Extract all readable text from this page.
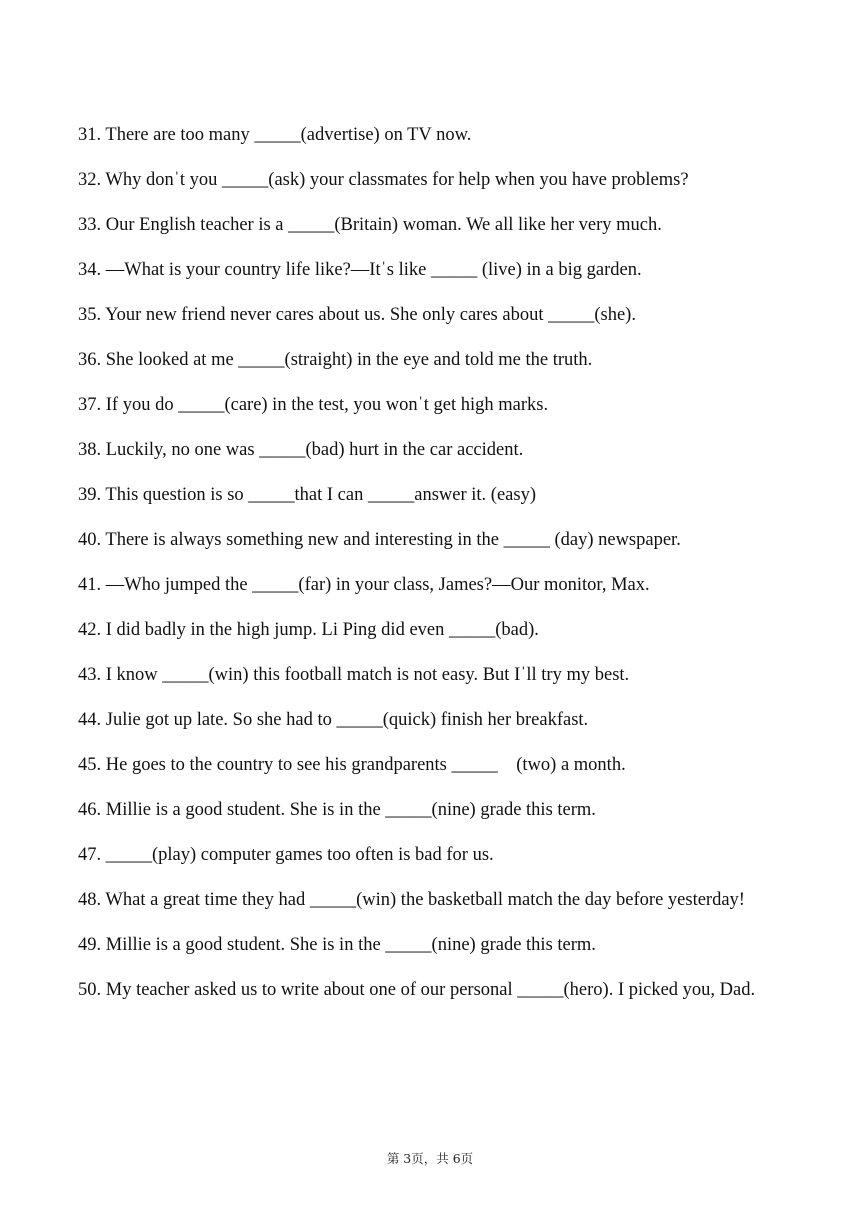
31. There are too many _____(advertise) on TV now.
32. Why donˈt you _____(ask) your classmates for help when you have problems?
33. Our English teacher is a _____(Britain) woman. We all like her very much.
34. —What is your country life like?—Itˈs like _____ (live) in a big garden.
35. Your new friend never cares about us. She only cares about _____(she).
36. She looked at me _____(straight) in the eye and told me the truth.
37. If you do _____(care) in the test, you wonˈt get high marks.
38. Luckily, no one was _____(bad) hurt in the car accident.
39. This question is so _____that I can _____answer it. (easy)
40. There is always something new and interesting in the _____ (day) newspaper.
41. —Who jumped the _____(far) in your class, James?—Our monitor, Max.
42. I did badly in the high jump. Li Ping did even _____(bad).
43. I know _____(win) this football match is not easy. But Iˈll try my best.
44. Julie got up late. So she had to _____(quick) finish her breakfast.
45. He goes to the country to see his grandparents _____    (two) a month.
46. Millie is a good student. She is in the _____(nine) grade this term.
47. _____(play) computer games too often is bad for us.
48. What a great time they had _____(win) the basketball match the day before yesterday!
49. Millie is a good student. She is in the _____(nine) grade this term.
50. My teacher asked us to write about one of our personal _____(hero). I picked you, Dad.
第 3页，共 6页
